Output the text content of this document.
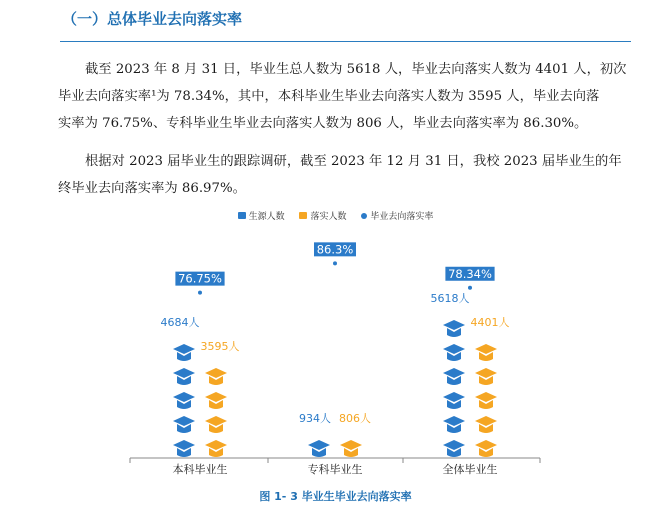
（一）总体毕业去向落实率
截至 2023 年 8 月 31 日，毕业生总人数为 5618 人，毕业去向落实人数为 4401 人，初次
毕业去向落实率¹为 78.34%，其中，本科毕业生毕业去向落实人数为 3595 人，毕业去向落
实率为 76.75%、专科毕业生毕业去向落实人数为 806 人，毕业去向落实率为 86.30%。
根据对 2023 届毕业生的跟踪调研，截至 2023 年 12 月 31 日，我校 2023 届毕业生的年
终毕业去向落实率为 86.97%。
生源人数	落实人数	毕业去向落实率
本科毕业生
4684人
3595人
76.75%
专科毕业生
934人 806人
86.3%
全体毕业生
5618人
4401人
78.34%
图 1- 3 毕业生毕业去向落实率
